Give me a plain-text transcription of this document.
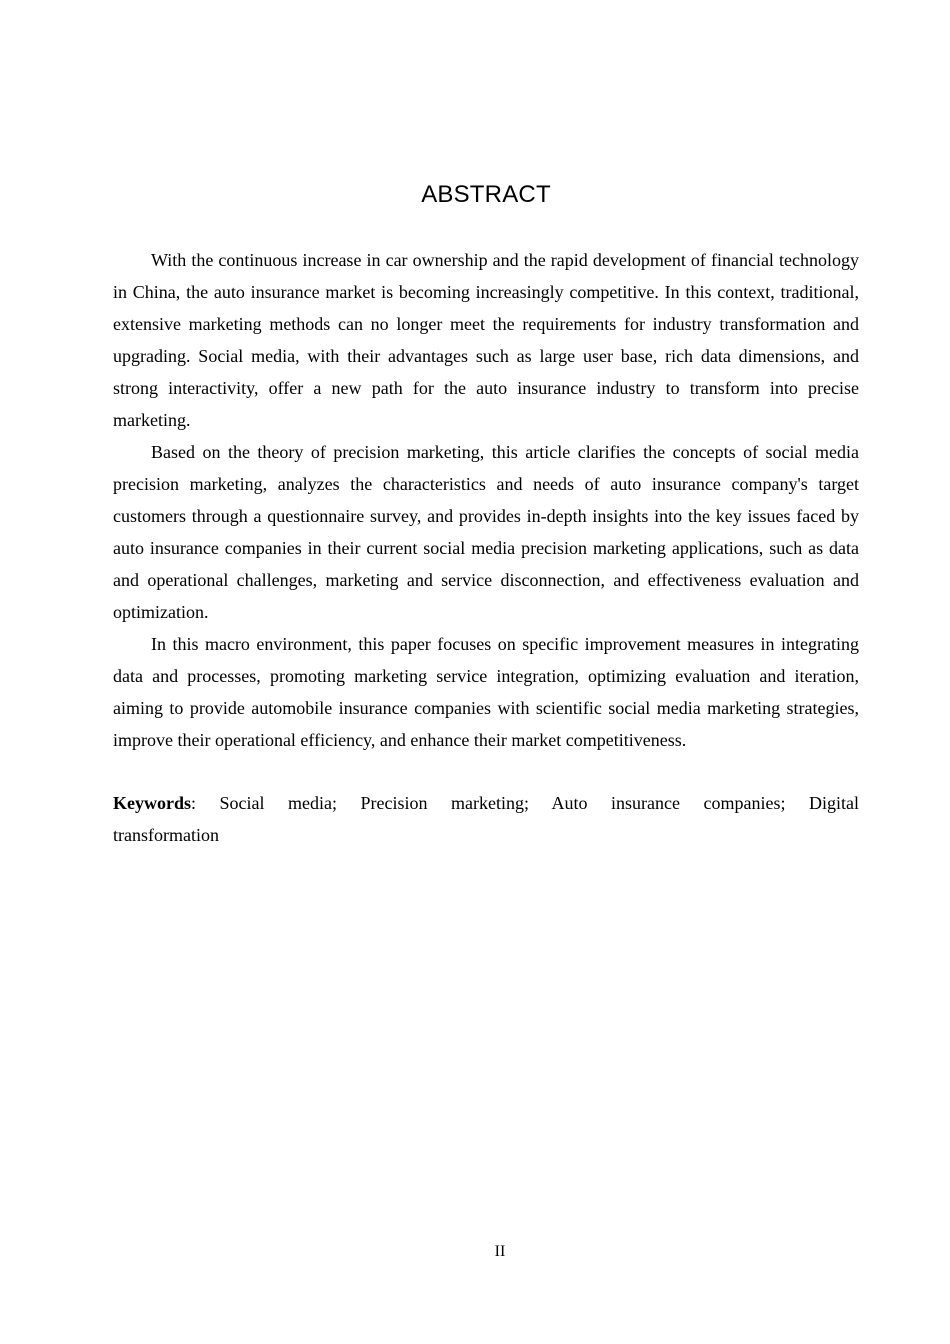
ABSTRACT

With the continuous increase in car ownership and the rapid development of financial technology in China, the auto insurance market is becoming increasingly competitive. In this context, traditional, extensive marketing methods can no longer meet the requirements for industry transformation and upgrading. Social media, with their advantages such as large user base, rich data dimensions, and strong interactivity, offer a new path for the auto insurance industry to transform into precise marketing.

Based on the theory of precision marketing, this article clarifies the concepts of social media precision marketing, analyzes the characteristics and needs of auto insurance company's target customers through a questionnaire survey, and provides in-depth insights into the key issues faced by auto insurance companies in their current social media precision marketing applications, such as data and operational challenges, marketing and service disconnection, and effectiveness evaluation and optimization.

In this macro environment, this paper focuses on specific improvement measures in integrating data and processes, promoting marketing service integration, optimizing evaluation and iteration, aiming to provide automobile insurance companies with scientific social media marketing strategies, improve their operational efficiency, and enhance their market competitiveness.

Keywords: Social media; Precision marketing; Auto insurance companies; Digital transformation
II
